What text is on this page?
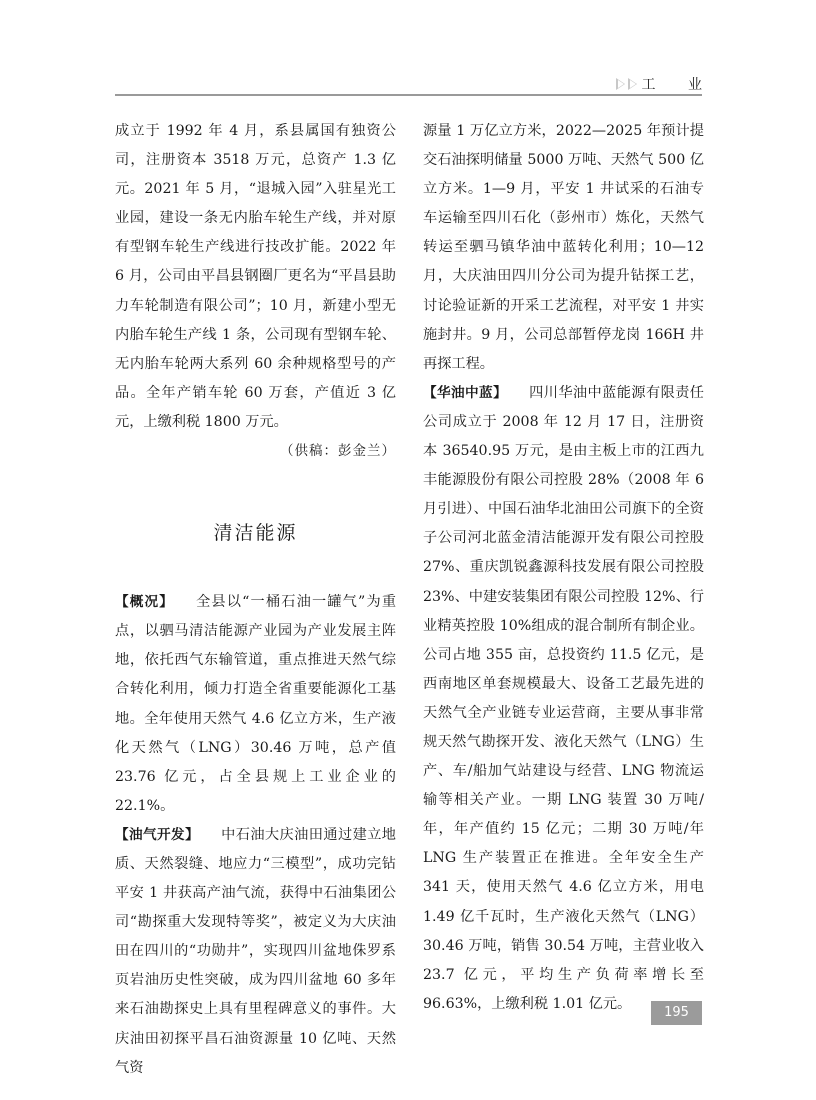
工 业

成立于 1992 年 4 月，系县属国有独资公司，注册资本 3518 万元，总资产 1.3 亿元。2021 年 5 月，“退城入园”入驻星光工业园，建设一条无内胎车轮生产线，并对原有型钢车轮生产线进行技改扩能。2022 年 6 月，公司由平昌县钢圈厂更名为“平昌县助力车轮制造有限公司”；10 月，新建小型无内胎车轮生产线 1 条，公司现有型钢车轮、无内胎车轮两大系列 60 余种规格型号的产品。全年产销车轮 60 万套，产值近 3 亿元，上缴利税 1800 万元。

（供稿：彭金兰）

清洁能源

【概况】 全县以“一桶石油一罐气”为重点，以驷马清洁能源产业园为产业发展主阵地，依托西气东输管道，重点推进天然气综合转化利用，倾力打造全省重要能源化工基地。全年使用天然气 4.6 亿立方米，生产液化天然气（LNG）30.46 万吨，总产值 23.76 亿元，占全县规上工业企业的 22.1%。

【油气开发】 中石油大庆油田通过建立地质、天然裂缝、地应力“三模型”，成功完钻平安 1 井获高产油气流，获得中石油集团公司“勘探重大发现特等奖”，被定义为大庆油田在四川的“功勋井”，实现四川盆地侏罗系页岩油历史性突破，成为四川盆地 60 多年来石油勘探史上具有里程碑意义的事件。大庆油田初探平昌石油资源量 10 亿吨、天然气资

源量 1 万亿立方米，2022—2025 年预计提交石油探明储量 5000 万吨、天然气 500 亿立方米。1—9 月，平安 1 井试采的石油专车运输至四川石化（彭州市）炼化，天然气转运至驷马镇华油中蓝转化利用；10—12 月，大庆油田四川分公司为提升钻探工艺，讨论验证新的开采工艺流程，对平安 1 井实施封井。9 月，公司总部暂停龙岗 166H 井再探工程。

【华油中蓝】 四川华油中蓝能源有限责任公司成立于 2008 年 12 月 17 日，注册资本 36540.95 万元，是由主板上市的江西九丰能源股份有限公司控股 28%（2008 年 6 月引进）、中国石油华北油田公司旗下的全资子公司河北蓝金清洁能源开发有限公司控股 27%、重庆凯锐鑫源科技发展有限公司控股 23%、中建安装集团有限公司控股 12%、行业精英控股 10%组成的混合制所有制企业。公司占地 355 亩，总投资约 11.5 亿元，是西南地区单套规模最大、设备工艺最先进的天然气全产业链专业运营商，主要从事非常规天然气勘探开发、液化天然气（LNG）生产、车/船加气站建设与经营、LNG 物流运输等相关产业。一期 LNG 装置 30 万吨/年，年产值约 15 亿元；二期 30 万吨/年 LNG 生产装置正在推进。全年安全生产 341 天，使用天然气 4.6 亿立方米，用电 1.49 亿千瓦时，生产液化天然气（LNG）30.46 万吨，销售 30.54 万吨，主营业收入 23.7 亿元，平均生产负荷率增长至 96.63%，上缴利税 1.01 亿元。

195
